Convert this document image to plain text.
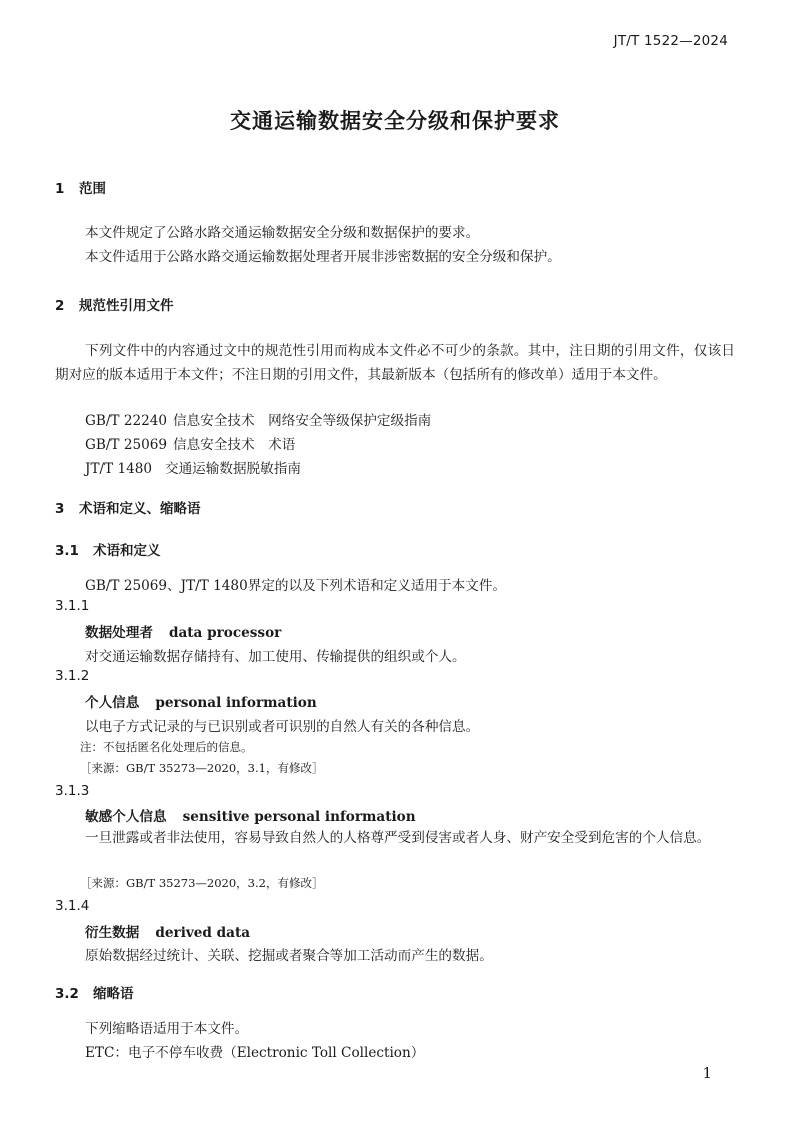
JT/T 1522—2024
交通运输数据安全分级和保护要求
1 范围
本文件规定了公路水路交通运输数据安全分级和数据保护的要求。
本文件适用于公路水路交通运输数据处理者开展非涉密数据的安全分级和保护。
2 规范性引用文件
下列文件中的内容通过文中的规范性引用而构成本文件必不可少的条款。其中，注日期的引用文件，仅该日期对应的版本适用于本文件；不注日期的引用文件，其最新版本（包括所有的修改单）适用于本文件。
GB/T 22240 信息安全技术　网络安全等级保护定级指南
GB/T 25069 信息安全技术　术语
JT/T 1480 交通运输数据脱敏指南
3 术语和定义、缩略语
3.1 术语和定义
GB/T 25069、JT/T 1480界定的以及下列术语和定义适用于本文件。
3.1.1
数据处理者 data processor
对交通运输数据存储持有、加工使用、传输提供的组织或个人。
3.1.2
个人信息 personal information
以电子方式记录的与已识别或者可识别的自然人有关的各种信息。
注：不包括匿名化处理后的信息。
［来源：GB/T 35273—2020，3.1，有修改］
3.1.3
敏感个人信息 sensitive personal information
一旦泄露或者非法使用，容易导致自然人的人格尊严受到侵害或者人身、财产安全受到危害的个人信息。
［来源：GB/T 35273—2020，3.2，有修改］
3.1.4
衍生数据 derived data
原始数据经过统计、关联、挖掘或者聚合等加工活动而产生的数据。
3.2 缩略语
下列缩略语适用于本文件。
ETC：电子不停车收费（Electronic Toll Collection）
1
